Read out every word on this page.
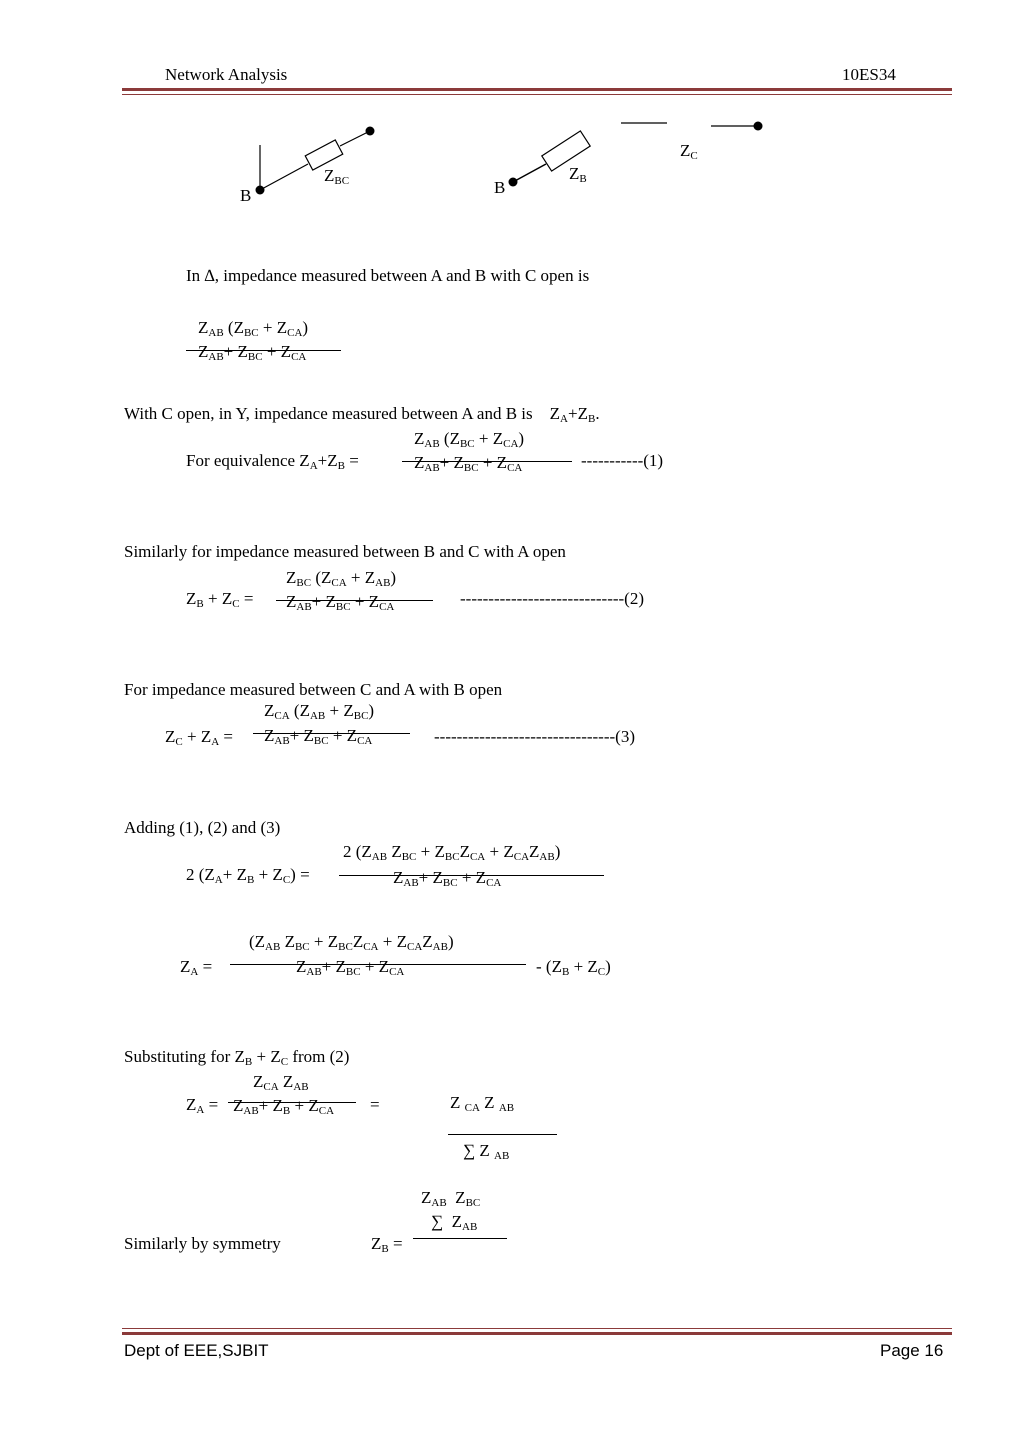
Network Analysis	10ES34
$Z_{BC}$	$Z_B$
$Z_C$
B	B
In ∆, impedance measured between A and B with C open is
$Z_{AB}$ $(Z_{BC} + Z_{CA})$
$Z_{AB}+ Z_{BC} + Z_{CA}$
With C open, in Y, impedance measured between A and B is    $Z_A+Z_B$.
$Z_{AB}$ $(Z_{BC} + Z_{CA})$
For equivalence $Z_A+Z_B$ =	$Z_{AB}+ Z_{BC} + Z_{CA}$	-----------(1)
Similarly for impedance measured between B and C with A open
$Z_{BC}$ $(Z_{CA} + Z_{AB})$
$Z_B + Z_C = Z_{AB}+ Z_{BC} + Z_{CA}$	-----------------------------(2)
For impedance measured between C and A with B open
$Z_{CA}$ $(Z_{AB} + Z_{BC})$
$Z_C + Z_A = Z_{AB}+ Z_{BC} + Z_{CA}$	--------------------------------(3)
Adding (1), (2) and (3)
2 ($Z_{AB}$ $Z_{BC} + Z_{BC}Z_{CA} + Z_{CA}Z_{AB}$)
2 $(Z_A+ Z_B + Z_C)$ =	$Z_{AB}+ Z_{BC} + Z_{CA}$
($Z_{AB}$ $Z_{BC} + Z_{BC}Z_{CA} + Z_{CA}Z_{AB}$)
$Z_A$ =	$Z_{AB}+ Z_{BC} + Z_{CA}$	- $(Z_B + Z_C)$
Substituting for $Z_B + Z_C$ from (2)
$Z_{CA}$ $Z_{AB}$
$Z_A = Z_{AB}+ Z_B + Z_{CA}$ =	Z $_{CA}$ Z $_{AB}$
∑ Z $_{AB}$
$Z_{AB}$  $Z_{BC}$
∑  $Z_{AB}$
Similarly by symmetry	$Z_B$ =
Dept of EEE,SJBIT	Page 16
